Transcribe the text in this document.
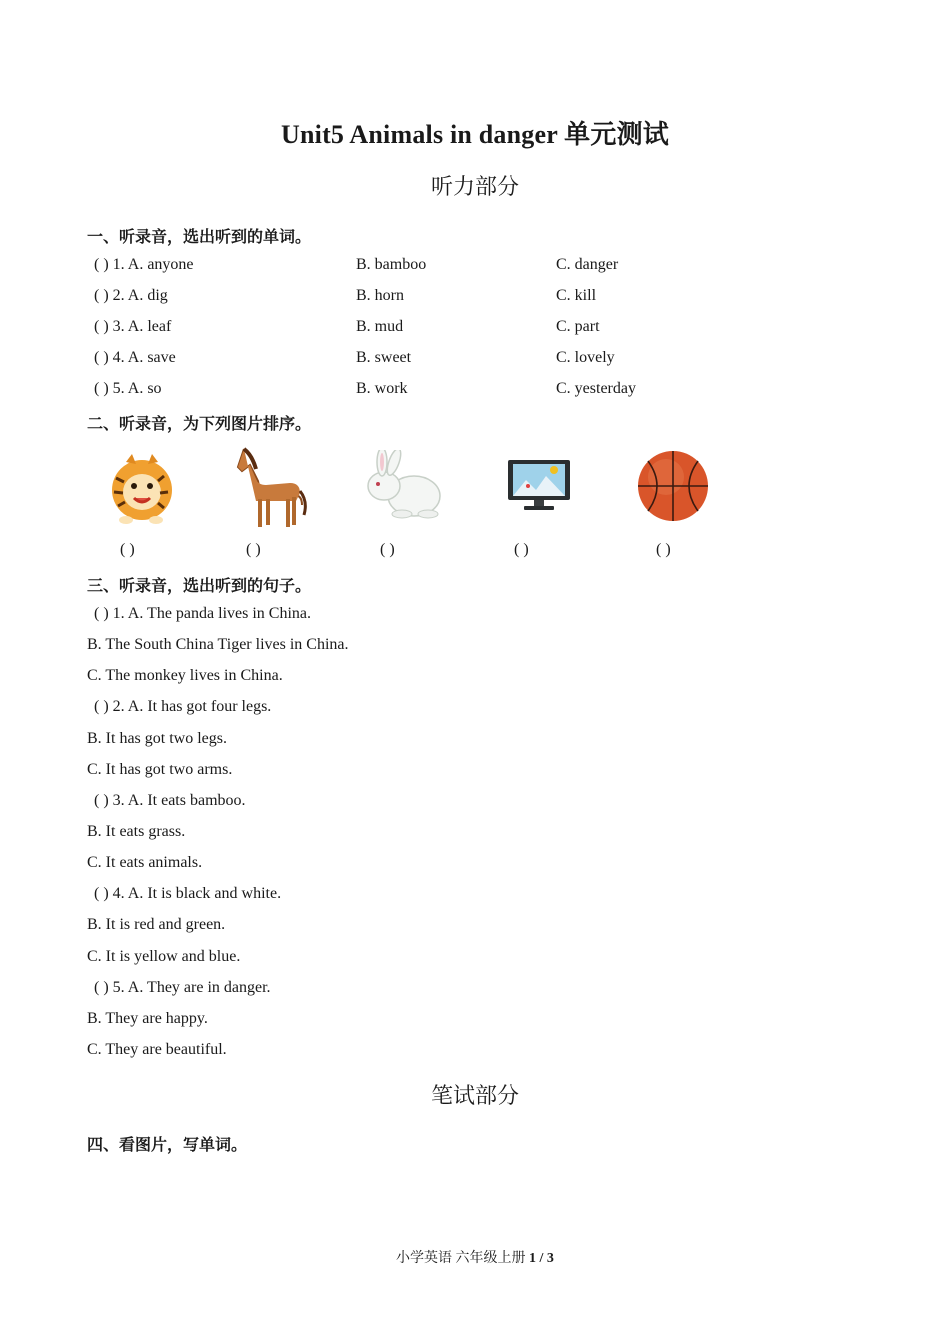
Unit5 Animals in danger 单元测试
听力部分
一、听录音，选出听到的单词。
( ) 1. A. anyone	B. bamboo	C. danger
( ) 2. A. dig	B. horn	C. kill
( ) 3. A. leaf	B. mud	C. part
( ) 4. A. save	B. sweet	C. lovely
( ) 5. A. so	B. work	C. yesterday
二、听录音，为下列图片排序。
( )	( )	( )	( )	( )
三、听录音，选出听到的句子。
( ) 1. A. The panda lives in China.
B. The South China Tiger lives in China.
C. The monkey lives in China.
( ) 2. A. It has got four legs.
B. It has got two legs.
C. It has got two arms.
( ) 3. A. It eats bamboo.
B. It eats grass.
C. It eats animals.
( ) 4. A. It is black and white.
B. It is red and green.
C. It is yellow and blue.
( ) 5. A. They are in danger.
B. They are happy.
C. They are beautiful.
笔试部分
四、看图片，写单词。
小学英语 六年级上册 1 / 3
